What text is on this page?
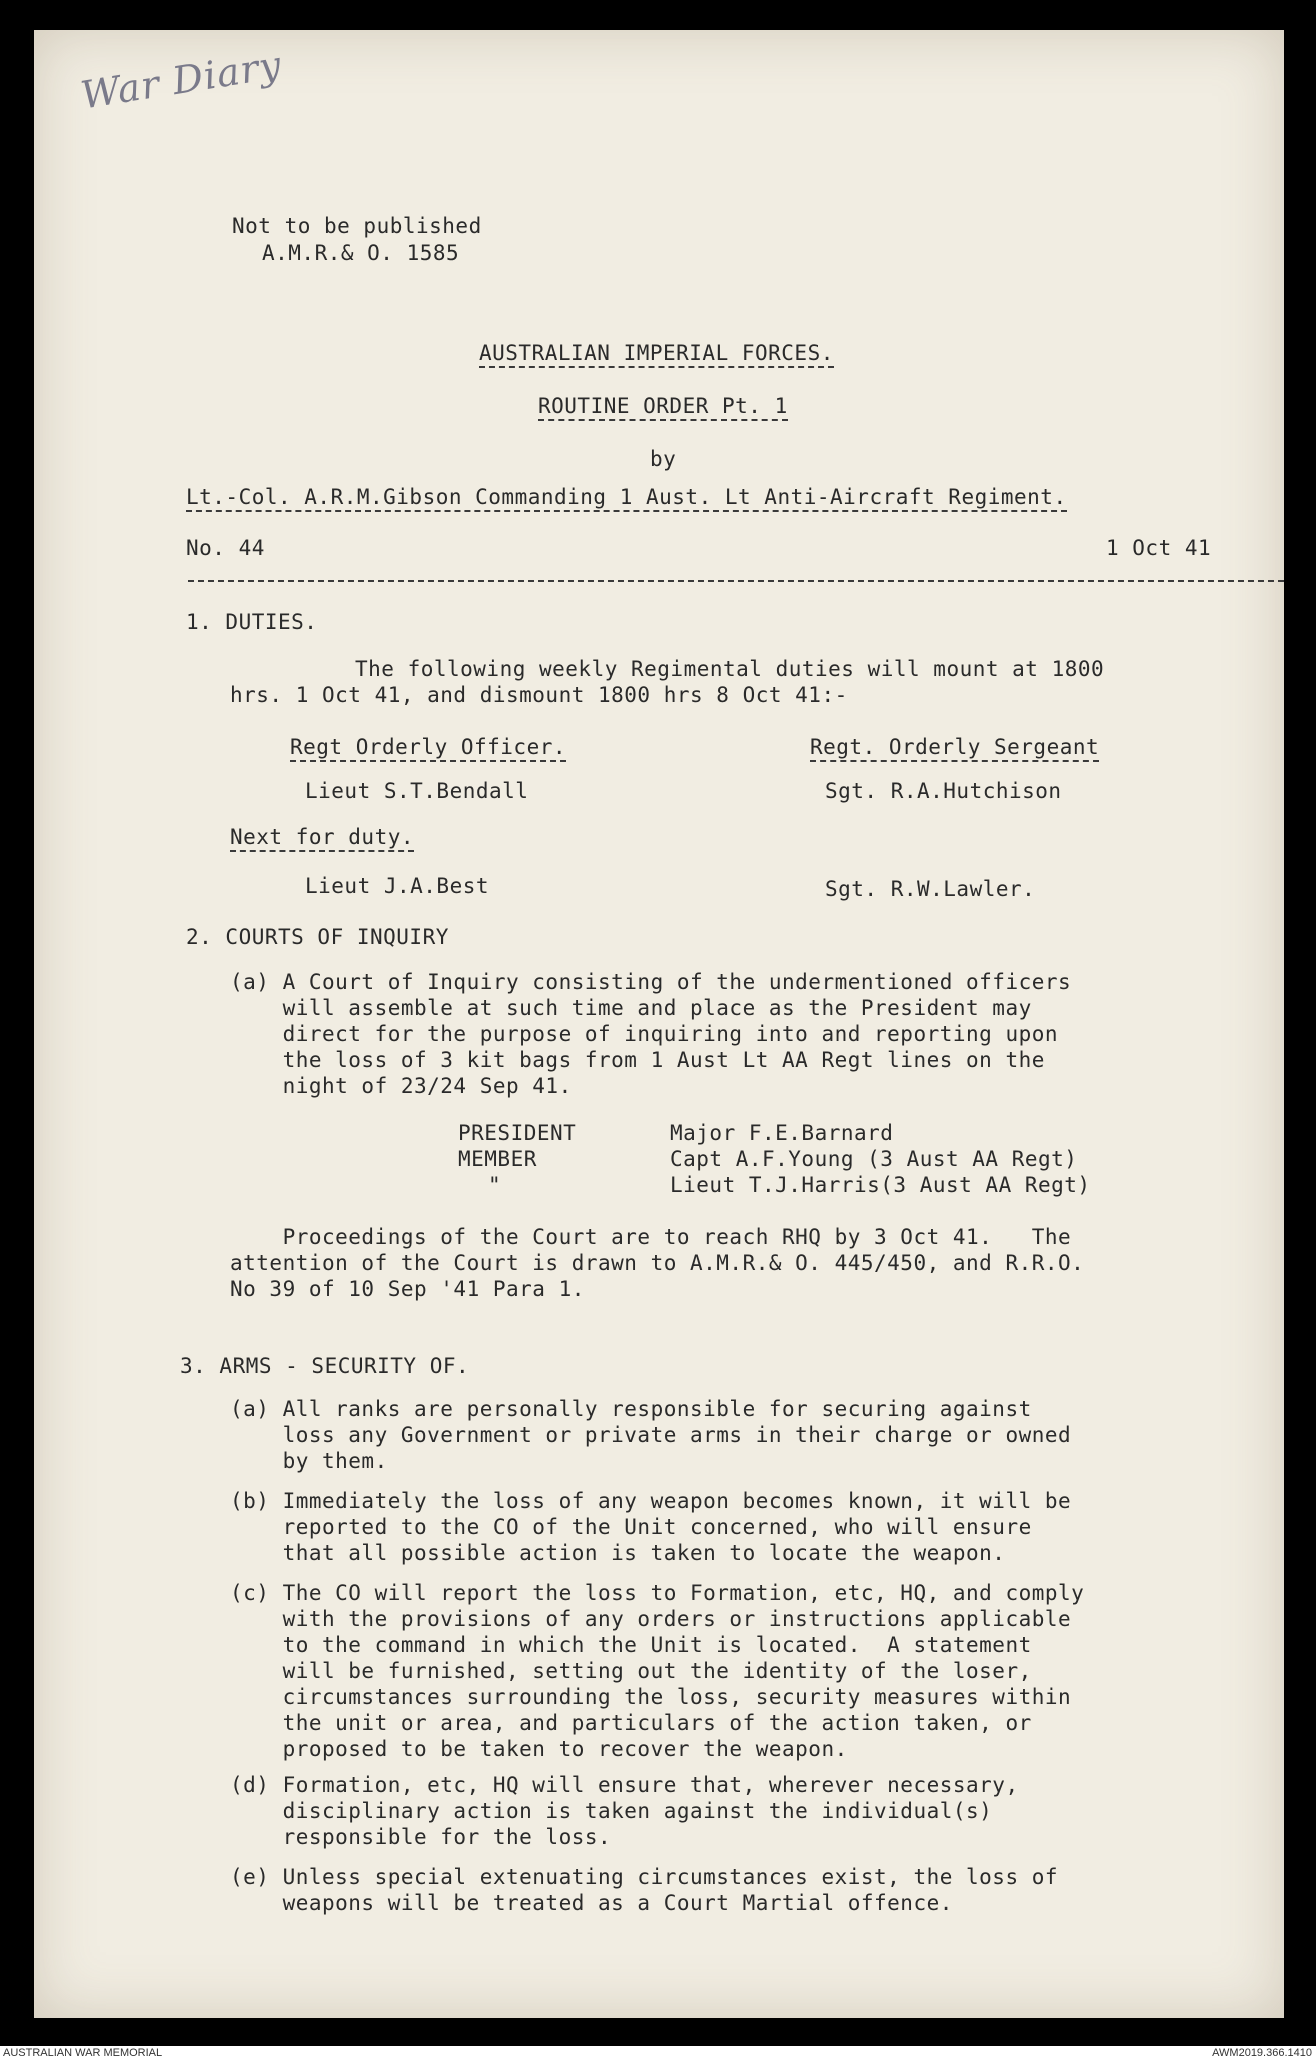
War Diary
Not to be published
A.M.R.& O. 1585
AUSTRALIAN IMPERIAL FORCES.
ROUTINE ORDER Pt. 1
by
Lt.-Col. A.R.M.Gibson Commanding 1 Aust. Lt Anti-Aircraft Regiment.
No. 44	1 Oct 41
1. DUTIES.
The following weekly Regimental duties will mount at 1800
hrs. 1 Oct 41, and dismount 1800 hrs 8 Oct 41:-
Regt Orderly Officer.	Regt. Orderly Sergeant
Lieut S.T.Bendall	Sgt. R.A.Hutchison
Next for duty.
Lieut J.A.Best	Sgt. R.W.Lawler.
2. COURTS OF INQUIRY
(a) A Court of Inquiry consisting of the undermentioned officers
will assemble at such time and place as the President may
direct for the purpose of inquiring into and reporting upon
the loss of 3 kit bags from 1 Aust Lt AA Regt lines on the
night of 23/24 Sep 41.
PRESIDENT	Major F.E.Barnard
MEMBER	Capt A.F.Young (3 Aust AA Regt)
"	Lieut T.J.Harris(3 Aust AA Regt)
Proceedings of the Court are to reach RHQ by 3 Oct 41.   The
attention of the Court is drawn to A.M.R.& O. 445/450, and R.R.O.
No 39 of 10 Sep '41 Para 1.
3. ARMS - SECURITY OF.
(a) All ranks are personally responsible for securing against
loss any Government or private arms in their charge or owned
by them.
(b) Immediately the loss of any weapon becomes known, it will be
reported to the CO of the Unit concerned, who will ensure
that all possible action is taken to locate the weapon.
(c) The CO will report the loss to Formation, etc, HQ, and comply
with the provisions of any orders or instructions applicable
to the command in which the Unit is located.  A statement
will be furnished, setting out the identity of the loser,
circumstances surrounding the loss, security measures within
the unit or area, and particulars of the action taken, or
proposed to be taken to recover the weapon.
(d) Formation, etc, HQ will ensure that, wherever necessary,
disciplinary action is taken against the individual(s)
responsible for the loss.
(e) Unless special extenuating circumstances exist, the loss of
weapons will be treated as a Court Martial offence.
AUSTRALIAN WAR MEMORIAL	AWM2019.366.1410
